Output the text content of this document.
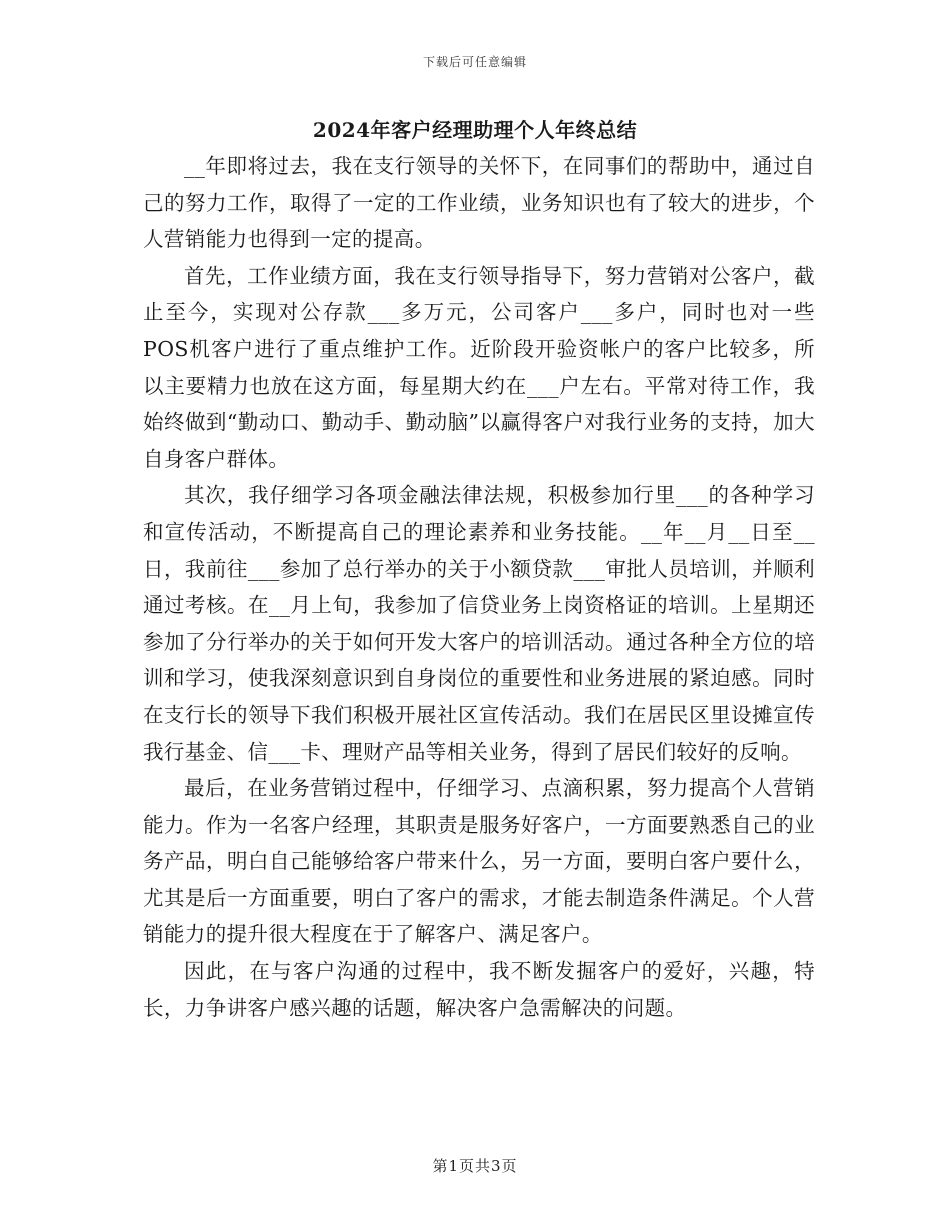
下载后可任意编辑
2024年客户经理助理个人年终总结

__年即将过去，我在支行领导的关怀下，在同事们的帮助中，通过自己的努力工作，取得了一定的工作业绩，业务知识也有了较大的进步，个人营销能力也得到一定的提高。

首先，工作业绩方面，我在支行领导指导下，努力营销对公客户，截止至今，实现对公存款___多万元，公司客户___多户，同时也对一些POS机客户进行了重点维护工作。近阶段开验资帐户的客户比较多，所以主要精力也放在这方面，每星期大约在___户左右。平常对待工作，我始终做到“勤动口、勤动手、勤动脑”以赢得客户对我行业务的支持，加大自身客户群体。

其次，我仔细学习各项金融法律法规，积极参加行里___的各种学习和宣传活动，不断提高自己的理论素养和业务技能。__年__月__日至__日，我前往___参加了总行举办的关于小额贷款___审批人员培训，并顺利通过考核。在__月上旬，我参加了信贷业务上岗资格证的培训。上星期还参加了分行举办的关于如何开发大客户的培训活动。通过各种全方位的培训和学习，使我深刻意识到自身岗位的重要性和业务进展的紧迫感。同时在支行长的领导下我们积极开展社区宣传活动。我们在居民区里设摊宣传我行基金、信___卡、理财产品等相关业务，得到了居民们较好的反响。

最后，在业务营销过程中，仔细学习、点滴积累，努力提高个人营销能力。作为一名客户经理，其职责是服务好客户，一方面要熟悉自己的业务产品，明白自己能够给客户带来什么，另一方面，要明白客户要什么，尤其是后一方面重要，明白了客户的需求，才能去制造条件满足。个人营销能力的提升很大程度在于了解客户、满足客户。

因此，在与客户沟通的过程中，我不断发掘客户的爱好，兴趣，特长，力争讲客户感兴趣的话题，解决客户急需解决的问题。

第1页共3页
